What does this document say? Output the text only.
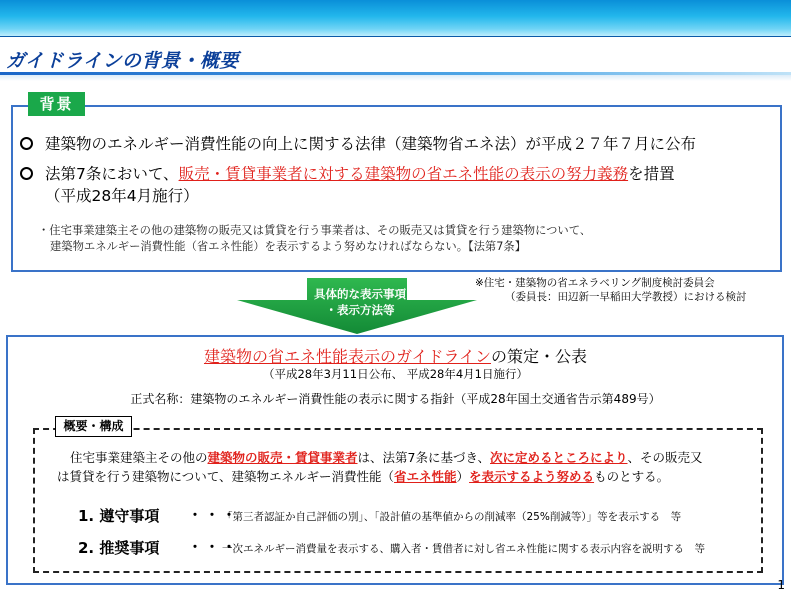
ガイドラインの背景・概要
背景
建築物のエネルギー消費性能の向上に関する法律（建築物省エネ法）が平成２７年７月に公布
法第7条において、販売・賃貸事業者に対する建築物の省エネ性能の表示の努力義務を措置
（平成28年4月施行）
・住宅事業建築主その他の建築物の販売又は賃貸を行う事業者は、その販売又は賃貸を行う建築物について、
建築物エネルギー消費性能（省エネ性能）を表示するよう努めなければならない。【法第7条】
具体的な表示事項
・表示方法等
※住宅・建築物の省エネラベリング制度検討委員会
（委員長：田辺新一早稲田大学教授）における検討
建築物の省エネ性能表示のガイドラインの策定・公表
（平成28年3月11日公布、 平成28年4月1日施行）
正式名称：建築物のエネルギー消費性能の表示に関する指針（平成28年国土交通省告示第489号）
概要・構成
住宅事業建築主その他の建築物の販売・賃貸事業者は、法第7条に基づき、次に定めるところにより、その販売又
は賃貸を行う建築物について、建築物エネルギー消費性能（省エネ性能）を表示するよう努めるものとする。
1. 遵守事項 ・・・
「第三者認証か自己評価の別」、「設計値の基準値からの削減率（25%削減等）」等を表示する　等
2. 推奨事項 ・・・
一次エネルギー消費量を表示する、購入者・賃借者に対し省エネ性能に関する表示内容を説明する　等
1
